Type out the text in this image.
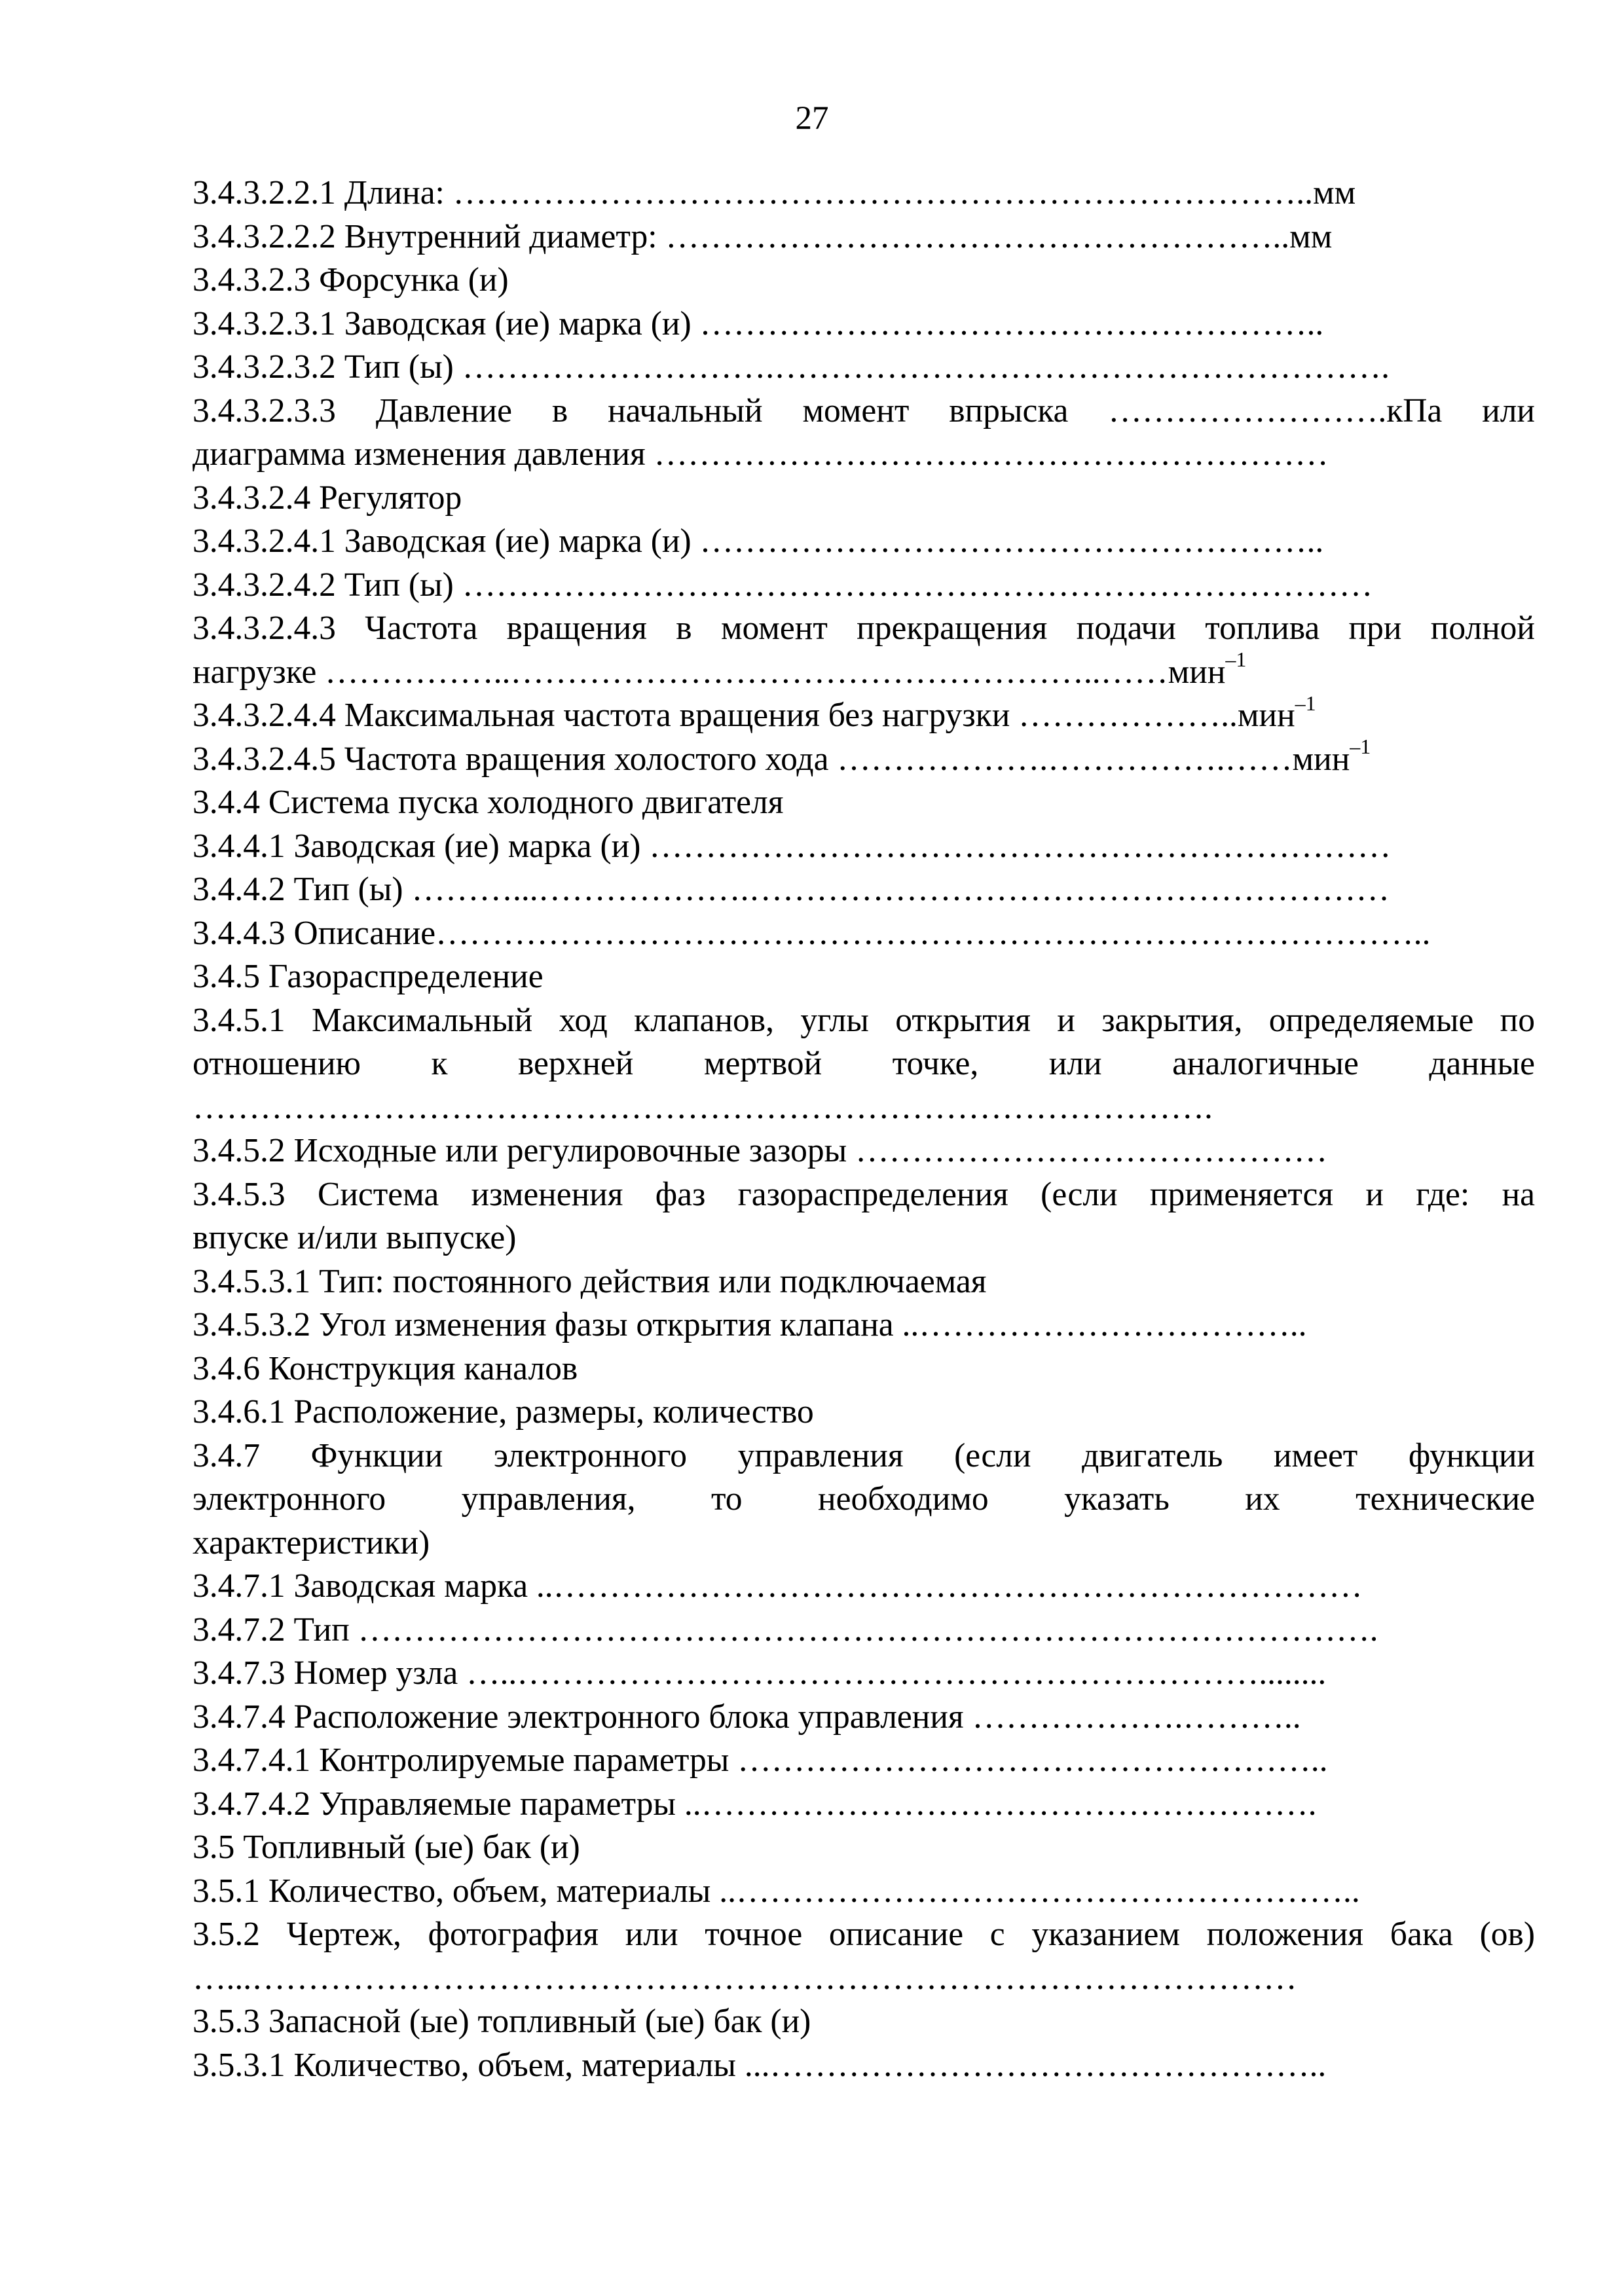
27
3.4.3.2.2.1 Длина: …………………………………………………………………..мм
3.4.3.2.2.2 Внутренний диаметр: ………………………………………………..мм
3.4.3.2.3 Форсунка (и)
3.4.3.2.3.1 Заводская (ие) марка (и) ………………………………………………..
3.4.3.2.3.2 Тип (ы) ……………………….……………………………………………….
3.4.3.2.3.3 Давление в начальный момент впрыска …………………….кПа или
диаграмма изменения давления ……………………………………………………
3.4.3.2.4 Регулятор
3.4.3.2.4.1 Заводская (ие) марка (и) ………………………………………………..
3.4.3.2.4.2 Тип (ы) ………………………………………………………………………
3.4.3.2.4.3 Частота вращения в момент прекращения подачи топлива при полной
нагрузке ……………..……………………………………………..……мин$^{-1}$
3.4.3.2.4.4 Максимальная частота вращения без нагрузки ………………..мин$^{-1}$
3.4.3.2.4.5 Частота вращения холостого хода ……………….…………….……мин$^{-1}$
3.4.4 Система пуска холодного двигателя
3.4.4.1 Заводская (ие) марка (и) …………………………………………………………
3.4.4.2 Тип (ы) ………...……………….…………………………………………………
3.4.4.3 Описание……………………………………………………………………………..
3.4.5 Газораспределение
3.4.5.1 Максимальный ход клапанов, углы открытия и закрытия, определяемые по
отношению к верхней мертвой точке, или аналогичные данные
……………………………………………………………………………….
3.4.5.2 Исходные или регулировочные зазоры ……………………………………
3.4.5.3 Система изменения фаз газораспределения (если применяется и где: на
впуске и/или выпуске)
3.4.5.3.1 Тип: постоянного действия или подключаемая
3.4.5.3.2 Угол изменения фазы открытия клапана ..……………………………..
3.4.6 Конструкция каналов
3.4.6.1 Расположение, размеры, количество
3.4.7 Функции электронного управления (если двигатель имеет функции
электронного управления, то необходимо указать их технические
характеристики)
3.4.7.1 Заводская марка ..………………………………………………………………
3.4.7.2 Тип ……………………………………………………………………………….
3.4.7.3 Номер узла …..…………………………………………………………........
3.4.7.4 Расположение электронного блока управления ……………….………..
3.4.7.4.1 Контролируемые параметры ……………………………………………..
3.4.7.4.2 Управляемые параметры ..……………………………………………….
3.5 Топливный (ые) бак (и)
3.5.1 Количество, объем, материалы ..………………………………………………..
3.5.2 Чертеж, фотография или точное описание с указанием положения бака (ов)
…...…………………………………………………………………………………
3.5.3 Запасной (ые) топливный (ые) бак (и)
3.5.3.1 Количество, объем, материалы ...…………………………………………..
